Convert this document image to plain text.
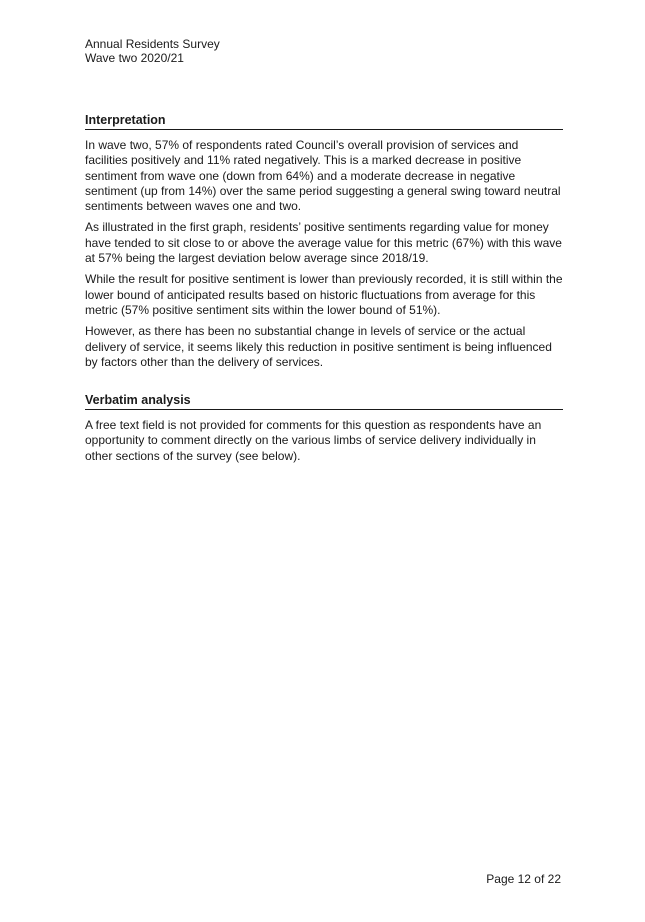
Annual Residents Survey
Wave two 2020/21
Interpretation

In wave two, 57% of respondents rated Council’s overall provision of services and facilities positively and 11% rated negatively. This is a marked decrease in positive sentiment from wave one (down from 64%) and a moderate decrease in negative sentiment (up from 14%) over the same period suggesting a general swing toward neutral sentiments between waves one and two.

As illustrated in the first graph, residents’ positive sentiments regarding value for money have tended to sit close to or above the average value for this metric (67%) with this wave at 57% being the largest deviation below average since 2018/19.

While the result for positive sentiment is lower than previously recorded, it is still within the lower bound of anticipated results based on historic fluctuations from average for this metric (57% positive sentiment sits within the lower bound of 51%).

However, as there has been no substantial change in levels of service or the actual delivery of service, it seems likely this reduction in positive sentiment is being influenced by factors other than the delivery of services.

Verbatim analysis

A free text field is not provided for comments for this question as respondents have an opportunity to comment directly on the various limbs of service delivery individually in other sections of the survey (see below).

Page 12 of 22
